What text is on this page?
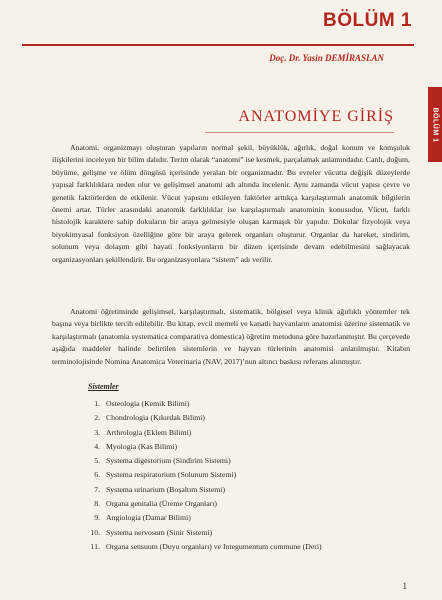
BÖLÜM 1
Doç. Dr. Yasin DEMİRASLAN
BÖLÜM 1
ANATOMİYE GİRİŞ

Anatomi, organizmayı oluşturan yapıların normal şekil, büyüklük, ağırlık, doğal konum ve komşuluk ilişkilerini inceleyen bir bilim dalıdır. Terim olarak “anatomi” ise kesmek, parçalamak anlamındadır. Canlı, doğum, büyüme, gelişme ve ölüm döngüsü içerisinde yeralan bir organizmadır. Bu evreler vücutta değişik düzeylerde yapısal farklılıklara neden olur ve gelişimsel anatomi adı altında incelenir. Aynı zamanda vücut yapısı çevre ve genetik faktörlerden de etkilenir. Vücut yapısını etkileyen faktörler arttıkça karşılaştırmalı anatomik bilgilerin önemi artar. Türler arasındaki anatomik farklılıklar ise karşılaştırmalı anatominin konusudur. Vücut, farklı histolojik karaktere sahip dokuların bir araya gelmesiyle oluşan karmaşık bir yapıdır. Dokular fizyolojik veya biyokimyasal fonksiyon özelliğine göre bir araya gelerek organları oluşturur. Organlar da hareket, sindirim, solunum veya dolaşım gibi hayati fonksiyonların bir düzen içerisinde devam edebilmesini sağlayacak organizasyonları şekillendirir. Bu organizasyonlara “sistem” adı verilir.

Anatomi öğretiminde gelişimsel, karşılaştırmalı, sistematik, bölgesel veya klinik ağırlıklı yöntemler tek başına veya birlikte tercih edilebilir. Bu kitap, evcil memeli ve kanatlı hayvanların anatomisi üzerine sistematik ve karşılaştırmalı (anatomia systematica comparativa domestica) öğretim metoduna göre hazırlanmıştır. Bu çerçevede aşağıda maddeler halinde belirtilen sistemlerin ve hayvan türlerinin anatomisi anlatılmıştır. Kitabın terminolojisinde Nomina Anatomica Veterinaria (NAV, 2017)’nun altıncı baskısı referans alınmıştır.

Sistemler
1. Osteologia (Kemik Bilimi)
2. Chondrologia (Kıkırdak Bilimi)
3. Arthrologia (Eklem Bilimi)
4. Myologia (Kas Bilimi)
5. Systema digestorium (Sindirim Sistemi)
6. Systema respiratorium (Solunum Sistemi)
7. Systema urinarium (Boşaltım Sistemi)
8. Organa genitalia (Üreme Organları)
9. Angiologia (Damar Bilimi)
10. Systema nervosum (Sinir Sistemi)
11. Organa sensuum (Duyu organları) ve Integumentum commune (Deri)
1
